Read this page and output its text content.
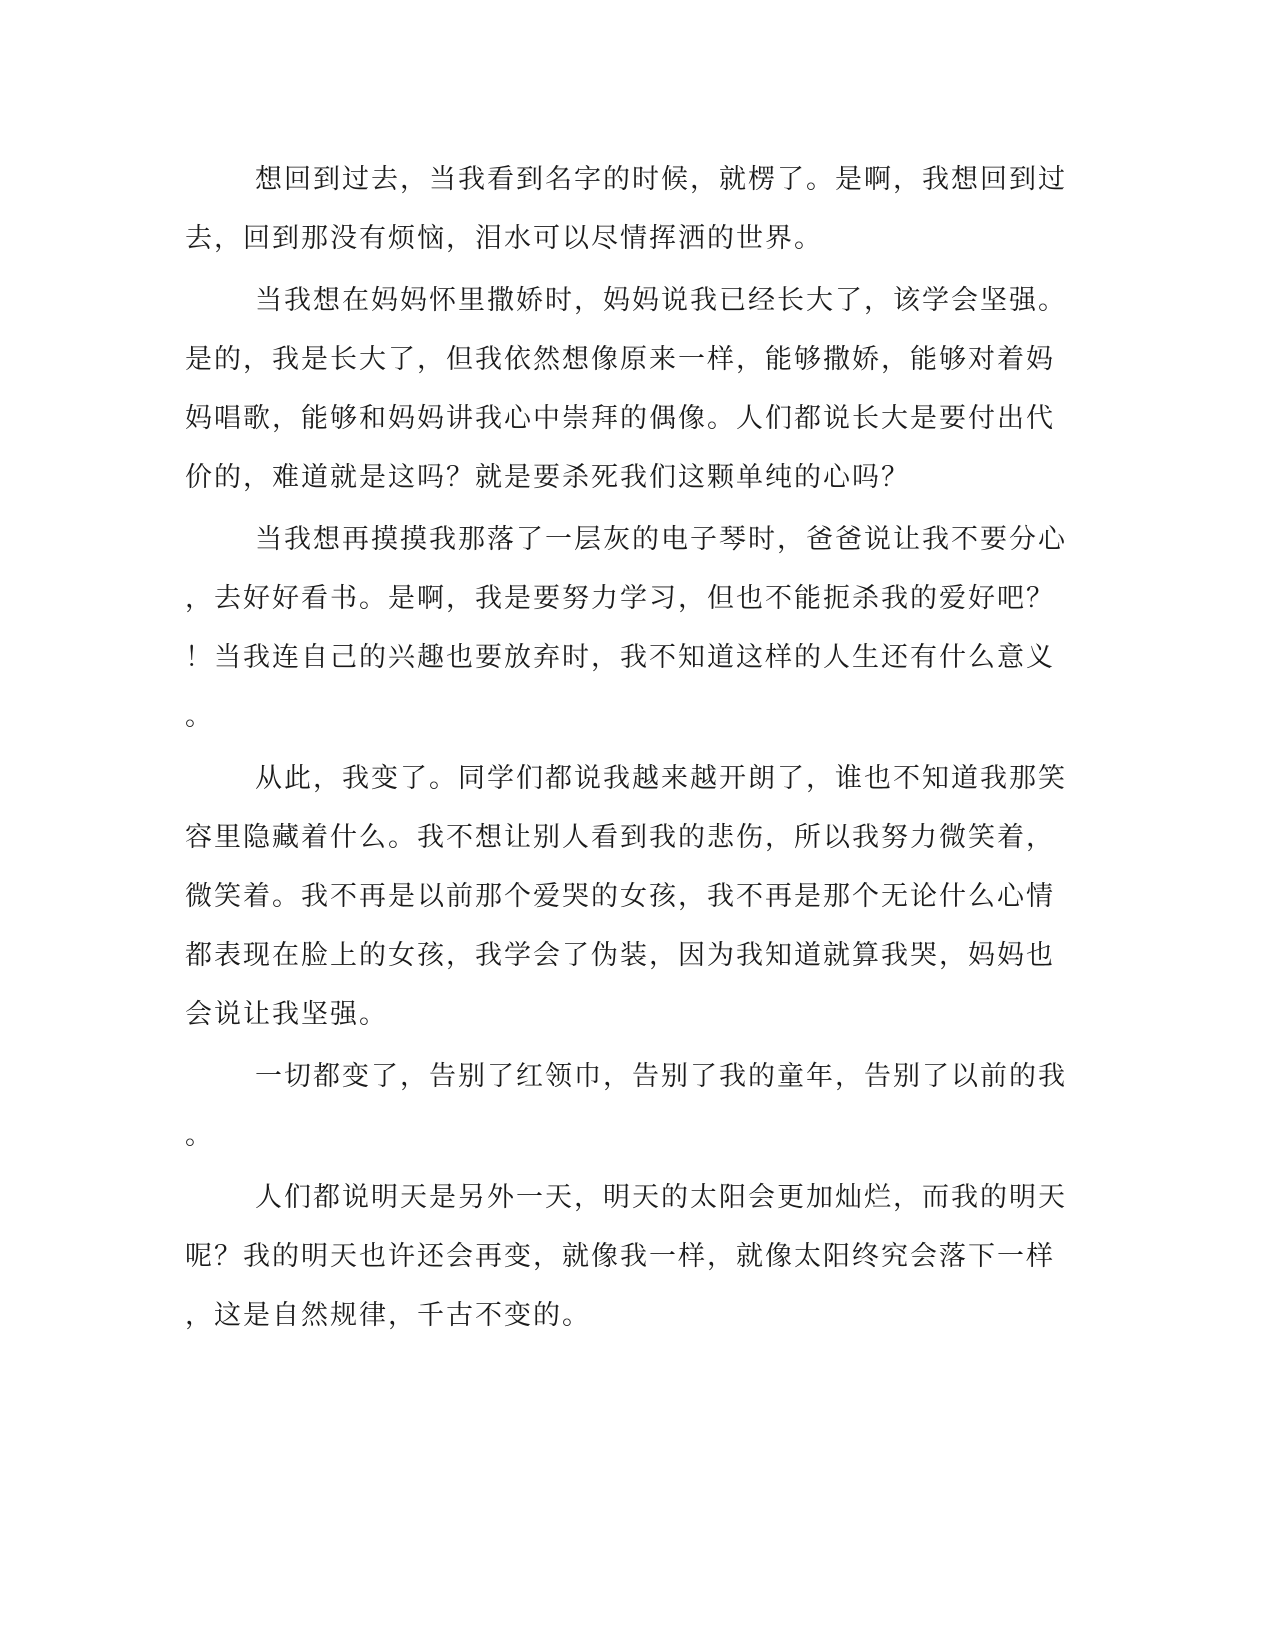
想回到过去，当我看到名字的时候，就楞了。是啊，我想回到过
去，回到那没有烦恼，泪水可以尽情挥洒的世界。
当我想在妈妈怀里撒娇时，妈妈说我已经长大了，该学会坚强。
是的，我是长大了，但我依然想像原来一样，能够撒娇，能够对着妈
妈唱歌，能够和妈妈讲我心中崇拜的偶像。人们都说长大是要付出代
价的，难道就是这吗？就是要杀死我们这颗单纯的心吗？
当我想再摸摸我那落了一层灰的电子琴时，爸爸说让我不要分心
，去好好看书。是啊，我是要努力学习，但也不能扼杀我的爱好吧？
！当我连自己的兴趣也要放弃时，我不知道这样的人生还有什么意义
。
从此，我变了。同学们都说我越来越开朗了，谁也不知道我那笑
容里隐藏着什么。我不想让别人看到我的悲伤，所以我努力微笑着，
微笑着。我不再是以前那个爱哭的女孩，我不再是那个无论什么心情
都表现在脸上的女孩，我学会了伪装，因为我知道就算我哭，妈妈也
会说让我坚强。
一切都变了，告别了红领巾，告别了我的童年，告别了以前的我
。
人们都说明天是另外一天，明天的太阳会更加灿烂，而我的明天
呢？我的明天也许还会再变，就像我一样，就像太阳终究会落下一样
，这是自然规律，千古不变的。
